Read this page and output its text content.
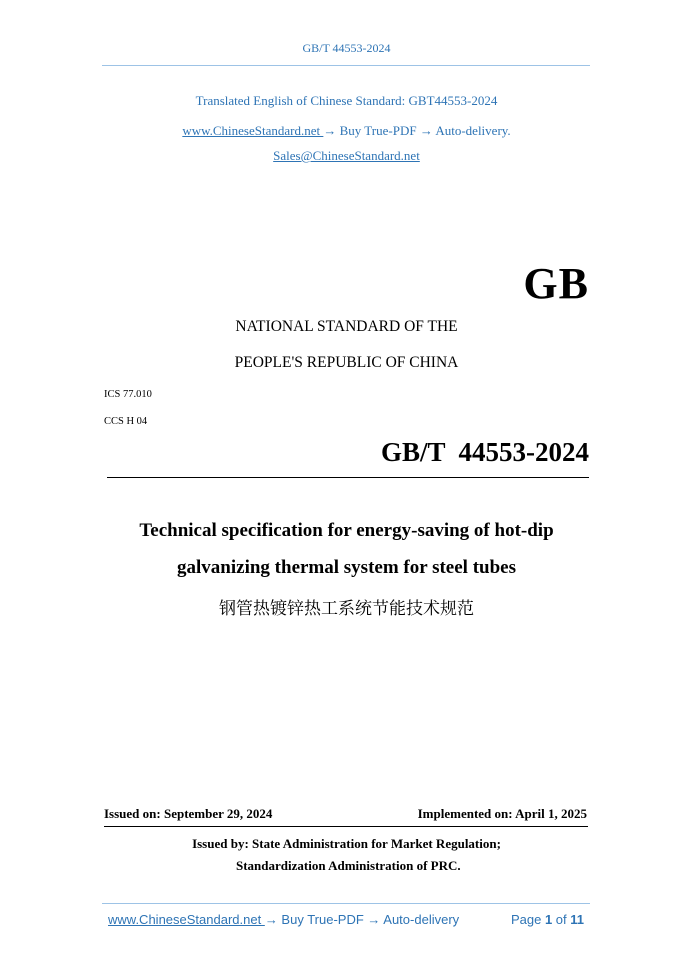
GB/T 44553-2024
Translated English of Chinese Standard: GBT44553-2024
www.ChineseStandard.net → Buy True-PDF → Auto-delivery.
Sales@ChineseStandard.net
GB
NATIONAL STANDARD OF THE
PEOPLE'S REPUBLIC OF CHINA
ICS 77.010
CCS H 04
GB/T  44553-2024
Technical specification for energy-saving of hot-dip
galvanizing thermal system for steel tubes
钢管热镀锌热工系统节能技术规范
Issued on: September 29, 2024	Implemented on: April 1, 2025
Issued by: State Administration for Market Regulation;
Standardization Administration of PRC.
www.ChineseStandard.net → Buy True-PDF → Auto-delivery	Page 1 of 11
